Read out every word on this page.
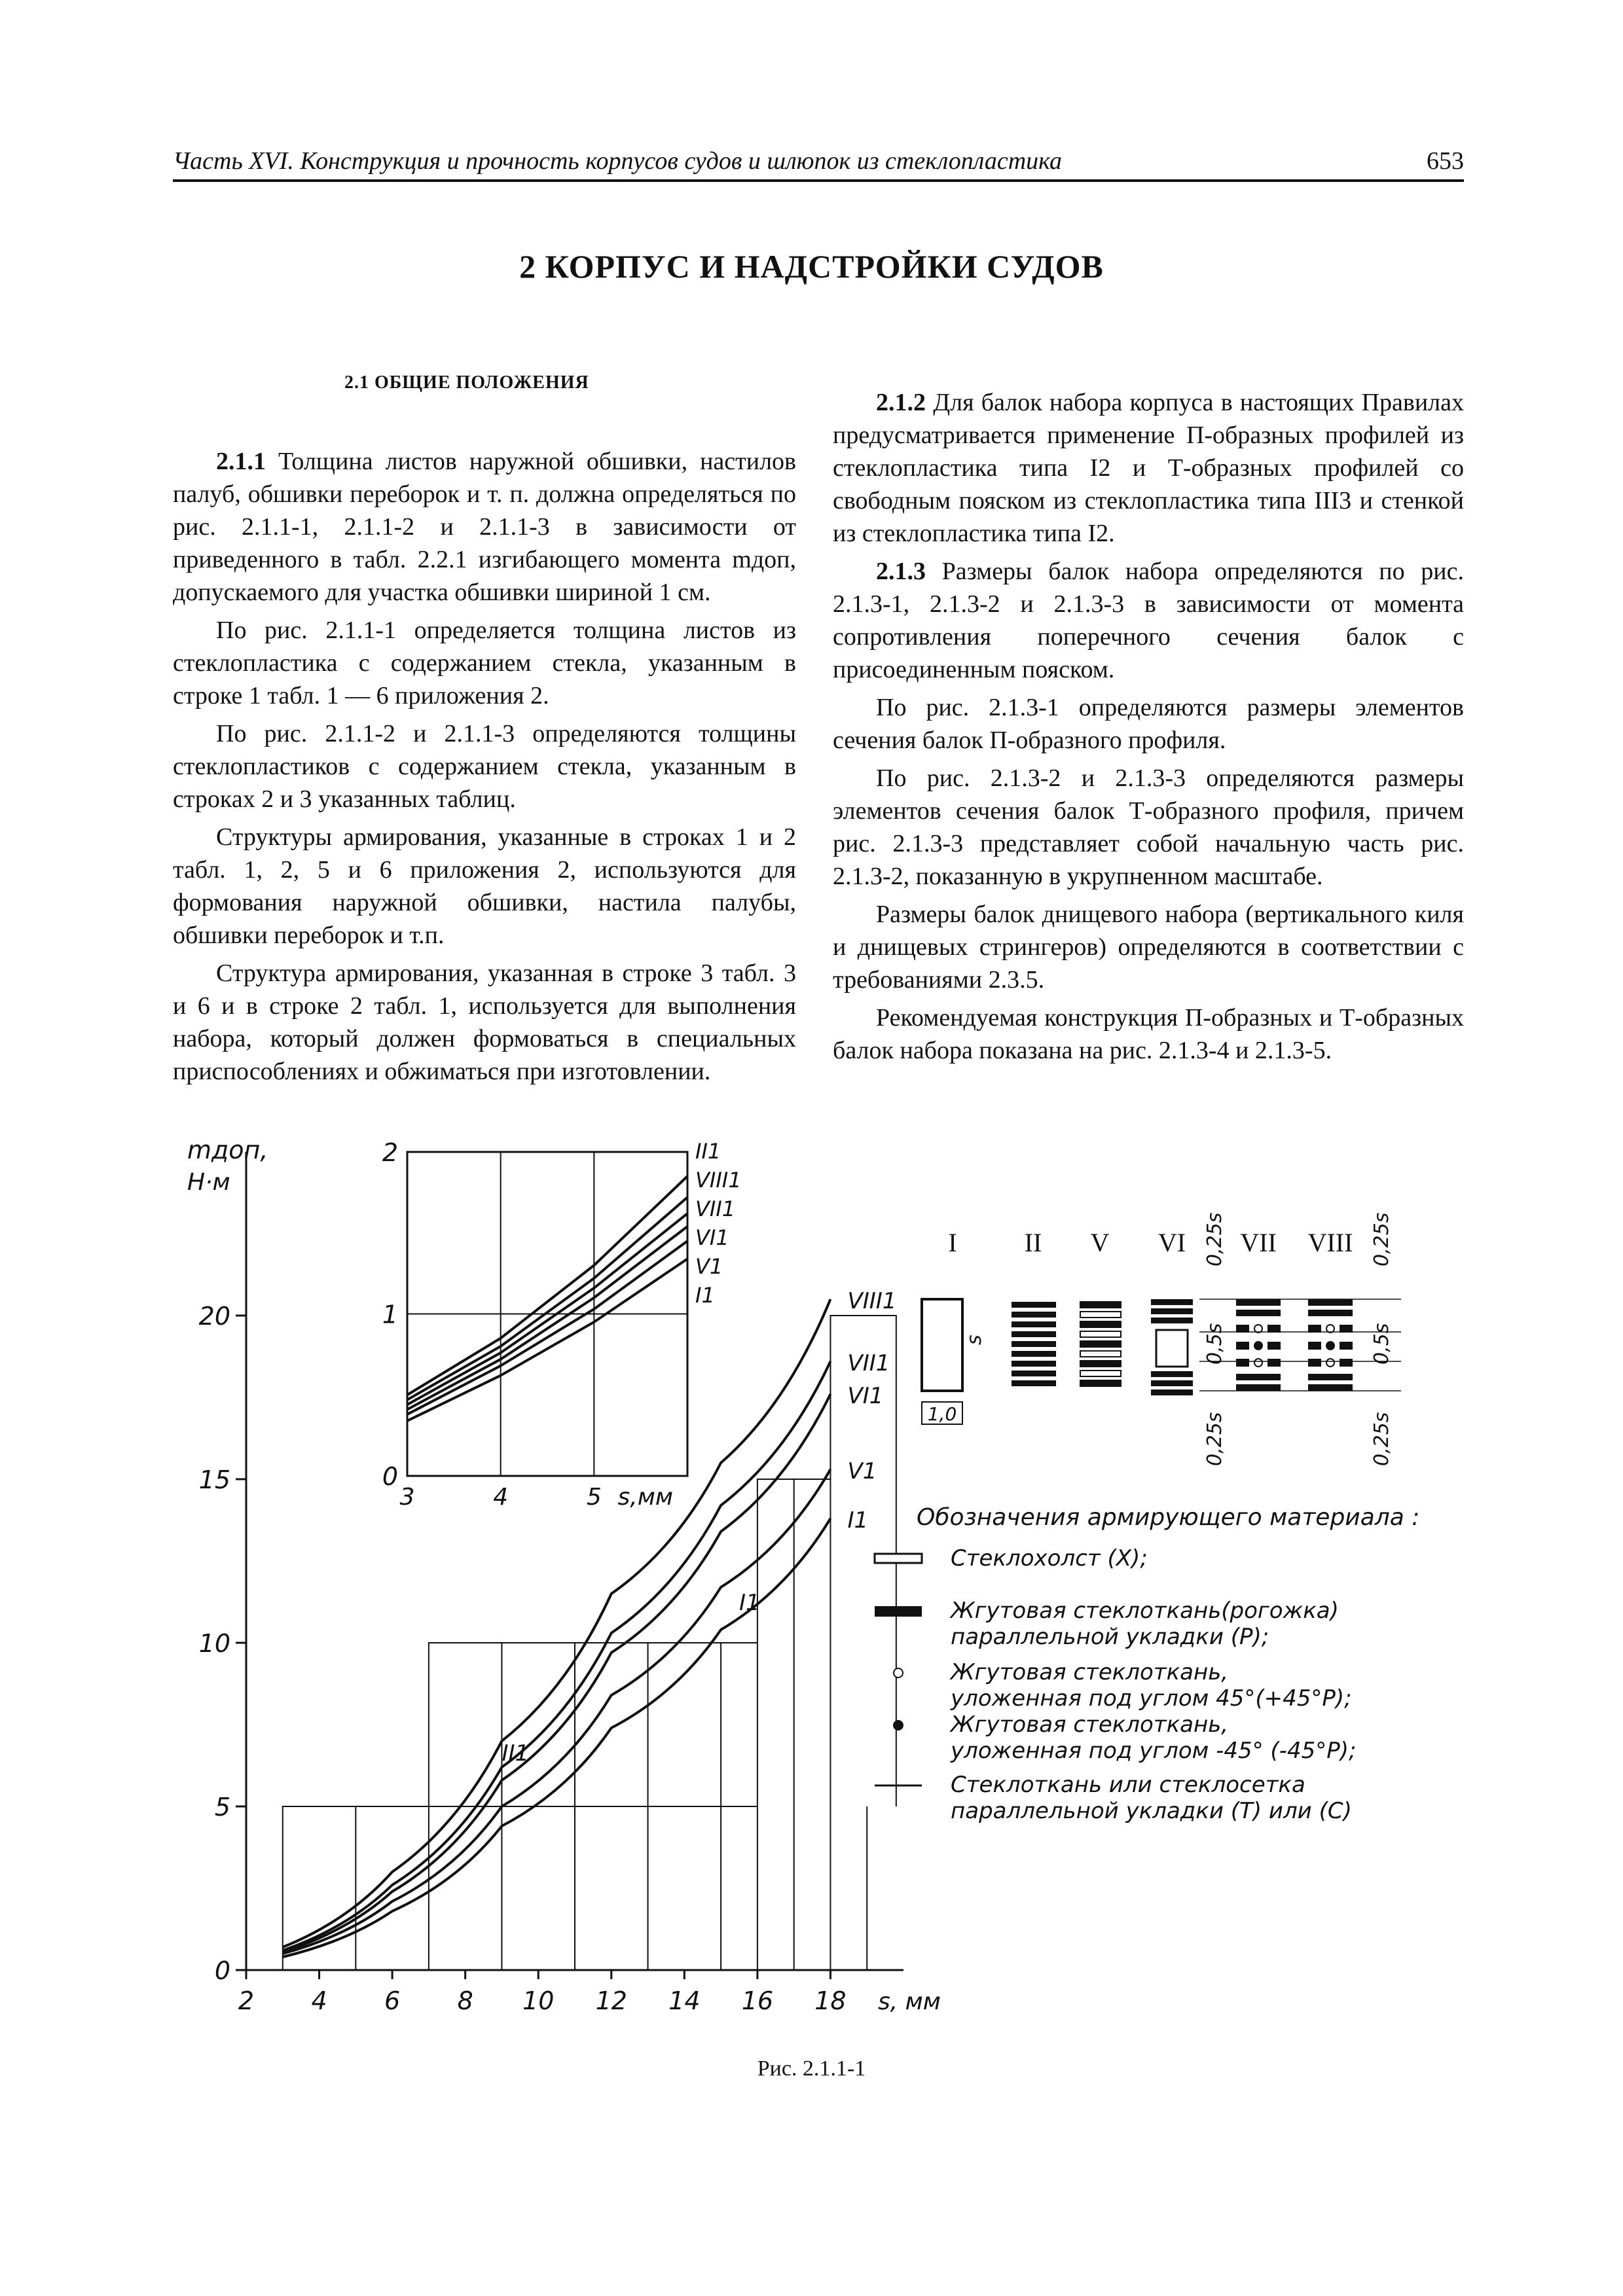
Часть XVI. Конструкция и прочность корпусов судов и шлюпок из стеклопластика	653
2 КОРПУС И НАДСТРОЙКИ СУДОВ

2.1 ОБЩИЕ ПОЛОЖЕНИЯ

2.1.1 Толщина листов наружной обшивки, настилов палуб, обшивки переборок и т. п. должна определяться по рис. 2.1.1-1, 2.1.1-2 и 2.1.1-3 в зависимости от приведенного в табл. 2.2.1 изгибающего момента mдоп, допускаемого для участка обшивки шириной 1 см.

По рис. 2.1.1-1 определяется толщина листов из стеклопластика с содержанием стекла, указанным в строке 1 табл. 1 — 6 приложения 2.

По рис. 2.1.1-2 и 2.1.1-3 определяются толщины стеклопластиков с содержанием стекла, указанным в строках 2 и 3 указанных таблиц.

Структуры армирования, указанные в строках 1 и 2 табл. 1, 2, 5 и 6 приложения 2, используются для формования наружной обшивки, настила палубы, обшивки переборок и т.п.

Структура армирования, указанная в строке 3 табл. 3 и 6 и в строке 2 табл. 1, используется для выполнения набора, который должен формоваться в специальных приспособлениях и обжиматься при изготовлении.

2.1.2 Для балок набора корпуса в настоящих Правилах предусматривается применение П-образных профилей из стеклопластика типа I2 и Т-образных профилей со свободным пояском из стеклопластика типа III3 и стенкой из стеклопластика типа I2.

2.1.3 Размеры балок набора определяются по рис. 2.1.3-1, 2.1.3-2 и 2.1.3-3 в зависимости от момента сопротивления поперечного сечения балок с присоединенным пояском.

По рис. 2.1.3-1 определяются размеры элементов сечения балок П-образного профиля.

По рис. 2.1.3-2 и 2.1.3-3 определяются размеры элементов сечения балок Т-образного профиля, причем рис. 2.1.3-3 представляет собой начальную часть рис. 2.1.3-2, показанную в укрупненном масштабе.

Размеры балок днищевого набора (вертикального киля и днищевых стрингеров) определяются в соответствии с требованиями 2.3.5.

Рекомендуемая конструкция П-образных и Т-образных балок набора показана на рис. 2.1.3-4 и 2.1.3-5.

0
5
10
15
20
2 4 6 8 10 12 14 16 18 s, мм
mдоп,
Н·м
VIII1
VII1
VI1
V1
I1
II1
I1
0
1
2
3	4	5 s,мм
II1
VIII1
VII1
VI1
V1
I1
I	II V VI VII VIII
s
1,0
0,25s
0,5s
0,25s
0,25s
0,5s
0,25s
Обозначения армирующего материала :
Стеклохолст (Х);
Жгутовая стеклоткань(рогожка)
параллельной укладки (Р);
Жгутовая стеклоткань,
уложенная под углом 45°(+45°Р);
Жгутовая стеклоткань,
уложенная под углом -45° (-45°Р);
Стеклоткань или стеклосетка
параллельной укладки (Т) или (С)
Рис. 2.1.1-1
